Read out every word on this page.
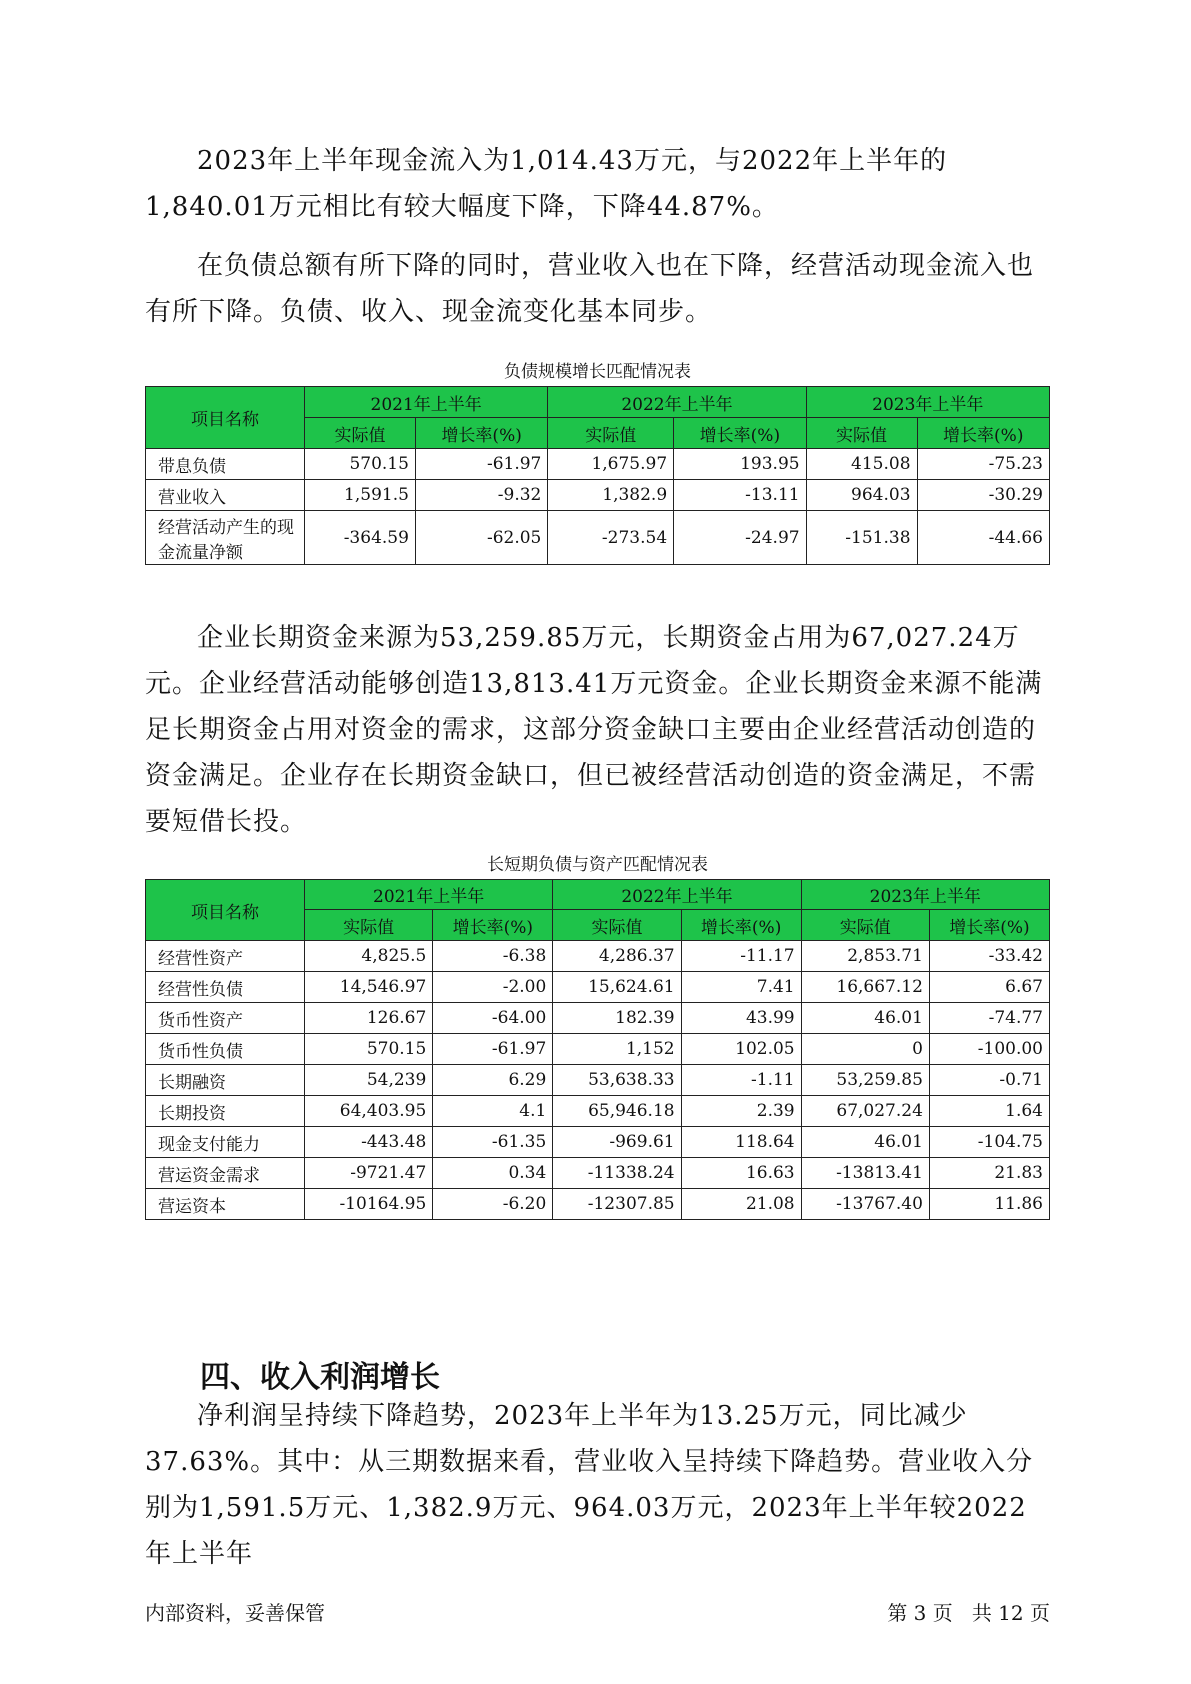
2023年上半年现金流入为1,014.43万元，与2022年上半年的1,840.01万元相比有较大幅度下降，下降44.87%。

在负债总额有所下降的同时，营业收入也在下降，经营活动现金流入也有所下降。负债、收入、现金流变化基本同步。

负债规模增长匹配情况表
项目名称	2021年上半年		2022年上半年		2023年上半年	
	实际值	增长率(%)	实际值	增长率(%)	实际值	增长率(%)
带息负债	570.15	-61.97	1,675.97	193.95	415.08	-75.23
营业收入	1,591.5	-9.32	1,382.9	-13.11	964.03	-30.29
经营活动产生的现金流量净额	-364.59	-62.05	-273.54	-24.97	-151.38	-44.66

企业长期资金来源为53,259.85万元，长期资金占用为67,027.24万元。企业经营活动能够创造13,813.41万元资金。企业长期资金来源不能满足长期资金占用对资金的需求，这部分资金缺口主要由企业经营活动创造的资金满足。企业存在长期资金缺口，但已被经营活动创造的资金满足，不需要短借长投。

长短期负债与资产匹配情况表
项目名称	2021年上半年		2022年上半年		2023年上半年	
	实际值	增长率(%)	实际值	增长率(%)	实际值	增长率(%)
经营性资产	4,825.5	-6.38	4,286.37	-11.17	2,853.71	-33.42
经营性负债	14,546.97	-2.00	15,624.61	7.41	16,667.12	6.67
货币性资产	126.67	-64.00	182.39	43.99	46.01	-74.77
货币性负债	570.15	-61.97	1,152	102.05	0	-100.00
长期融资	54,239	6.29	53,638.33	-1.11	53,259.85	-0.71
长期投资	64,403.95	4.1	65,946.18	2.39	67,027.24	1.64
现金支付能力	-443.48	-61.35	-969.61	118.64	46.01	-104.75
营运资金需求	-9721.47	0.34	-11338.24	16.63	-13813.41	21.83
营运资本	-10164.95	-6.20	-12307.85	21.08	-13767.40	11.86
四、收入利润增长

净利润呈持续下降趋势，2023年上半年为13.25万元，同比减少37.63%。其中：从三期数据来看，营业收入呈持续下降趋势。营业收入分别为1,591.5万元、1,382.9万元、964.03万元，2023年上半年较2022年上半年

内部资料，妥善保管	第 3 页   共 12 页
